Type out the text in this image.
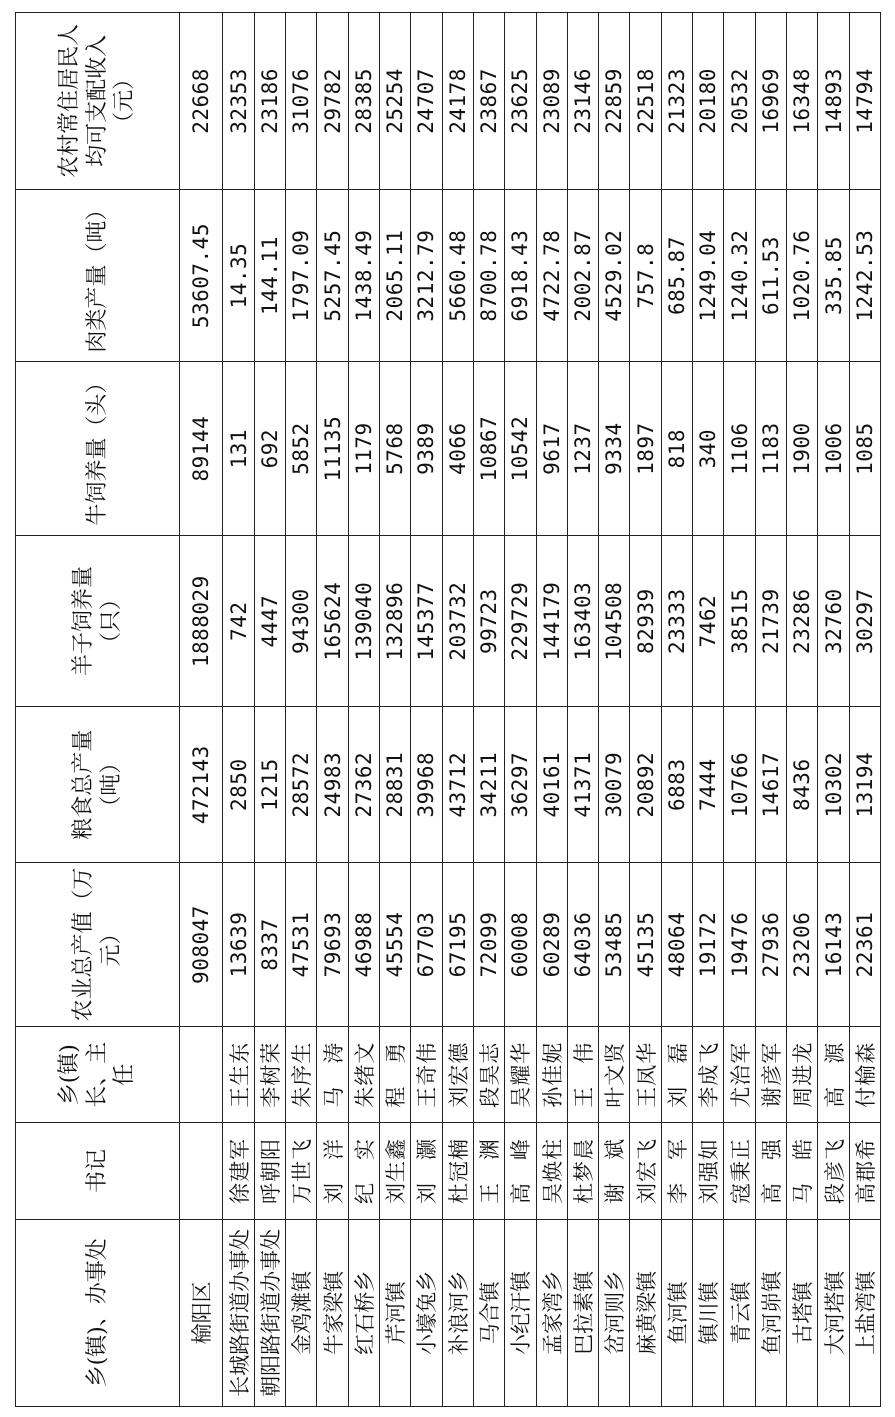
乡(镇)、办事处	书记	乡(镇)长、主任	农业总产值（万元）	粮食总产量（吨）	羊子饲养量（只）	牛饲养量（头）	肉类产量（吨）	农村常住居民人均可支配收入（元）
榆阳区			908047	472143	1888029	89144	53607.45	22668
长城路街道办事处	徐建军	王生东	13639	2850	742	131	14.35	32353
朝阳路街道办事处	呼朝阳	李树荣	8337	1215	4447	692	144.11	23186
金鸡滩镇	万世飞	朱序生	47531	28572	94300	5852	1797.09	31076
牛家梁镇	刘　洋	马　涛	79693	24983	165624	11135	5257.45	29782
红石桥乡	纪　实	朱绪文	46988	27362	139040	1179	1438.49	28385
芹河镇	刘生鑫	程　勇	45554	28831	132896	5768	2065.11	25254
小壕兔乡	刘　灏	王奇伟	67703	39968	145377	9389	3212.79	24707
补浪河乡	杜冠楠	刘宏德	67195	43712	203732	4066	5660.48	24178
马合镇	王　渊	段昊志	72099	34211	99723	10867	8700.78	23867
小纪汗镇	高　峰	吴耀华	60008	36297	229729	10542	6918.43	23625
孟家湾乡	吴焕柱	孙佳妮	60289	40161	144179	9617	4722.78	23089
巴拉素镇	杜梦晨	王　伟	64036	41371	163403	1237	2002.87	23146
岔河则乡	谢　斌	叶文贤	53485	30079	104508	9334	4529.02	22859
麻黄梁镇	刘宏飞	王凤华	45135	20892	82939	1897	757.8	22518
鱼河镇	李　军	刘　磊	48064	6883	23333	818	685.87	21323
镇川镇	刘强如	李成飞	19172	7444	7462	340	1249.04	20180
青云镇	寇秉正	尤治军	19476	10766	38515	1106	1240.32	20532
鱼河峁镇	高　强	谢彦军	27936	14617	21739	1183	611.53	16969
古塔镇	马　皓	周进龙	23206	8436	23286	1900	1020.76	16348
大河塔镇	段彦飞	高　源	16143	10302	32760	1006	335.85	14893
上盐湾镇	高郡希	付榆森	22361	13194	30297	1085	1242.53	14794
